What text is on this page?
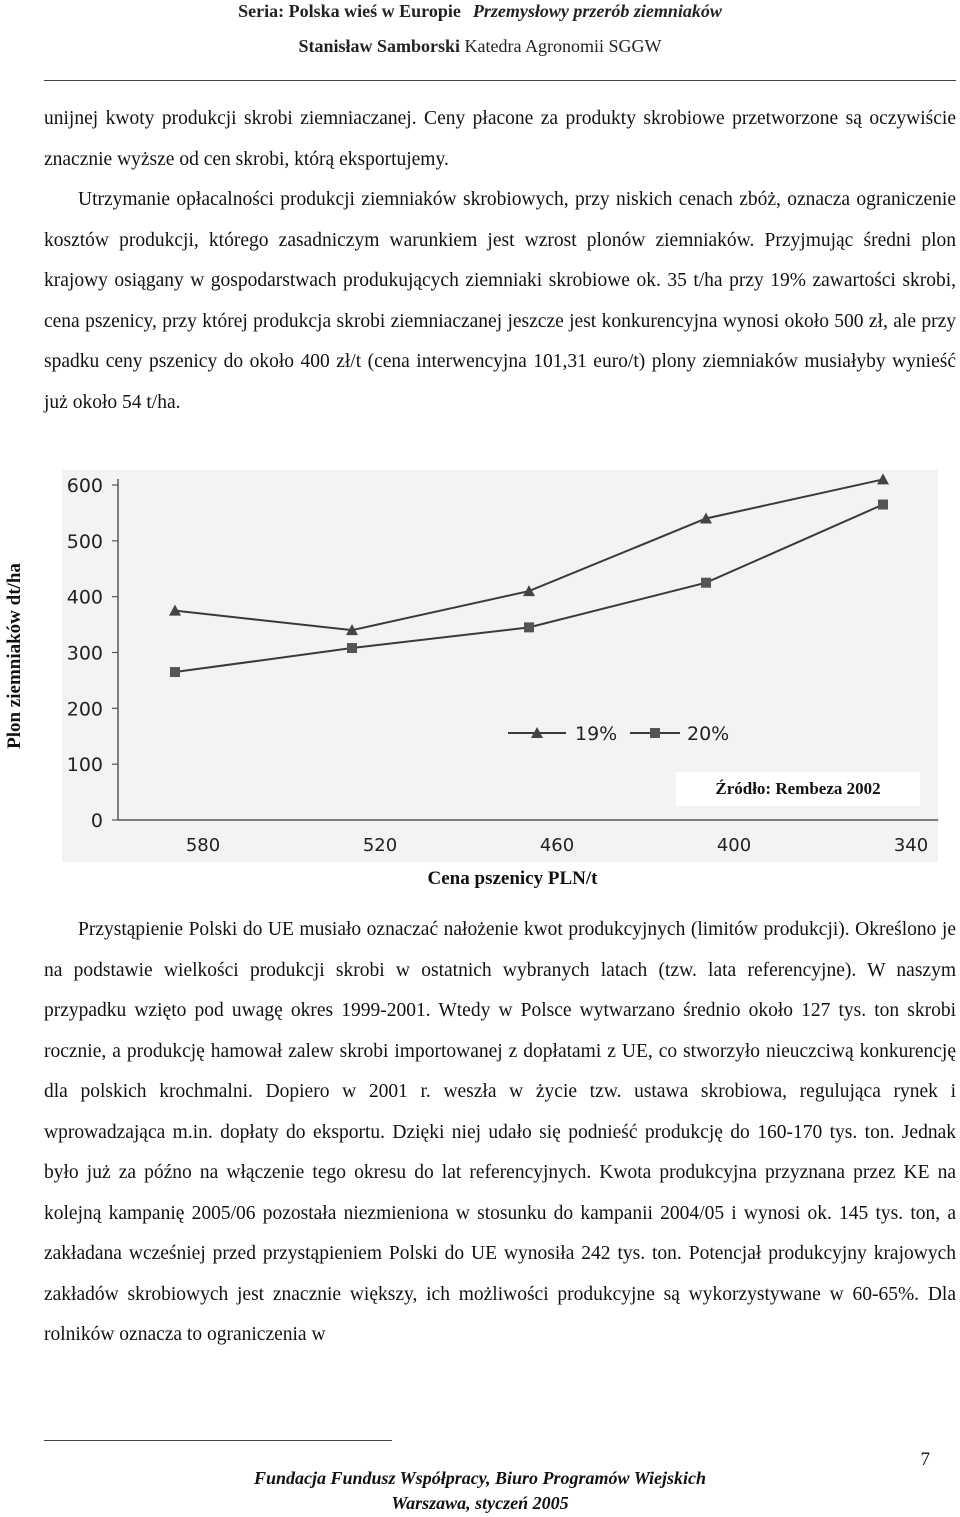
Seria: Polska wieś w Europie Przemysłowy przerób ziemniaków
Stanisław Samborski Katedra Agronomii SGGW
unijnej kwoty produkcji skrobi ziemniaczanej. Ceny płacone za produkty skrobiowe przetworzone są oczywiście znacznie wyższe od cen skrobi, którą eksportujemy.
Utrzymanie opłacalności produkcji ziemniaków skrobiowych, przy niskich cenach zbóż, oznacza ograniczenie kosztów produkcji, którego zasadniczym warunkiem jest wzrost plonów ziemniaków. Przyjmując średni plon krajowy osiągany w gospodarstwach produkujących ziemniaki skrobiowe ok. 35 t/ha przy 19% zawartości skrobi, cena pszenicy, przy której produkcja skrobi ziemniaczanej jeszcze jest konkurencyjna wynosi około 500 zł, ale przy spadku ceny pszenicy do około 400 zł/t (cena interwencyjna 101,31 euro/t) plony ziemniaków musiałyby wynieść już około 54 t/ha.
0
100
200
300
400
500
600
580	520	460	400	340
19%	20%
Plon ziemniaków dt/ha
Źródło: Rembeza 2002
Cena pszenicy PLN/t
Przystąpienie Polski do UE musiało oznaczać nałożenie kwot produkcyjnych (limitów produkcji). Określono je na podstawie wielkości produkcji skrobi w ostatnich wybranych latach (tzw. lata referencyjne). W naszym przypadku wzięto pod uwagę okres 1999-2001. Wtedy w Polsce wytwarzano średnio około 127 tys. ton skrobi rocznie, a produkcję hamował zalew skrobi importowanej z dopłatami z UE, co stworzyło nieuczciwą konkurencję dla polskich krochmalni. Dopiero w 2001 r. weszła w życie tzw. ustawa skrobiowa, regulująca rynek i wprowadzająca m.in. dopłaty do eksportu. Dzięki niej udało się podnieść produkcję do 160-170 tys. ton. Jednak było już za późno na włączenie tego okresu do lat referencyjnych. Kwota produkcyjna przyznana przez KE na kolejną kampanię 2005/06 pozostała niezmieniona w stosunku do kampanii 2004/05 i wynosi ok. 145 tys. ton, a zakładana wcześniej przed przystąpieniem Polski do UE wynosiła 242 tys. ton. Potencjał produkcyjny krajowych zakładów skrobiowych jest znacznie większy, ich możliwości produkcyjne są wykorzystywane w 60-65%. Dla rolników oznacza to ograniczenia w
7
Fundacja Fundusz Współpracy, Biuro Programów Wiejskich
Warszawa, styczeń 2005
